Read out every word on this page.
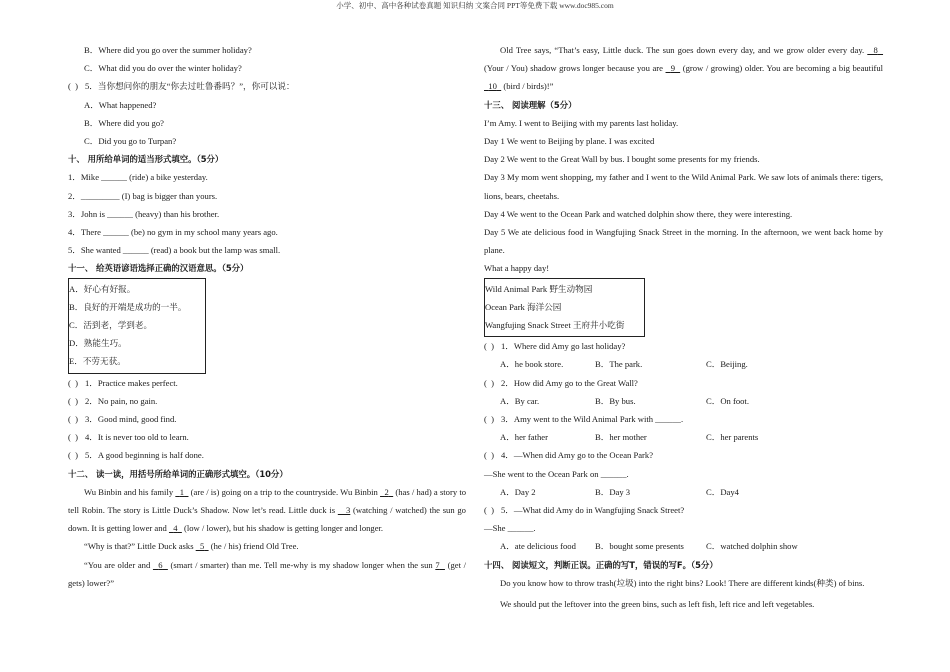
小学、初中、高中各种试卷真题 知识归纳 文案合同 PPT等免费下载 www.doc985.com
B．Where did you go over the summer holiday?
C．What did you do over the winter holiday?
( ) 5．当你想问你的朋友“你去过吐鲁番吗？”，你可以说：
A．What happened?
B．Where did you go?
C．Did you go to Turpan?
十、 用所给单词的适当形式填空。（5分）
1．Mike ______ (ride) a bike yesterday.
2．_________ (I) bag is bigger than yours.
3．John is ______ (heavy) than his brother.
4．There ______ (be) no gym in my school many years ago.
5．She wanted ______ (read) a book but the lamp was small.
十一、 给英语谚语选择正确的汉语意思。（5分）
A．好心有好报。
B．良好的开端是成功的一半。
C．活到老，学到老。
D．熟能生巧。
E．不劳无获。
( ) 1．Practice makes perfect.
( ) 2．No pain, no gain.
( ) 3．Good mind, good find.
( ) 4．It is never too old to learn.
( ) 5．A good beginning is half done.
十二、 读一读，用括号所给单词的正确形式填空。（10分）
Wu Binbin and his family   1   (are / is) going on a trip to the countryside. Wu Binbin   2   (has / had) a story to tell Robin. The story is Little Duck’s Shadow. Now let’s read. Little duck is    3 (watching / watched) the sun go down. It is getting lower and   4   (low / lower), but his shadow is getting longer and longer.
“Why is that?” Little Duck asks   5   (he / his) friend Old Tree.
“You are older and   6   (smart / smarter) than me. Tell me-why is my shadow longer when the sun 7   (get / gets) lower?”
Old Tree says, “That’s easy, Little duck. The sun goes down every day, and we grow older every day.   8   (Your / You) shadow grows longer because you are   9   (grow / growing) older. You are becoming a big beautiful   10   (bird / birds)!”
十三、 阅读理解（5分）
I’m Amy. I went to Beijing with my parents last holiday.
Day 1 We went to Beijing by plane. I was excited
Day 2 We went to the Great Wall by bus. I bought some presents for my friends.
Day 3 My mom went shopping, my father and I went to the Wild Animal Park. We saw lots of animals there: tigers, lions, bears, cheetahs.
Day 4 We went to the Ocean Park and watched dolphin show there, they were interesting.
Day 5 We ate delicious food in Wangfujing Snack Street in the morning. In the afternoon, we went back home by plane.
What a happy day!
Wild Animal Park 野生动物园
Ocean Park 海洋公园
Wangfujing Snack Street 王府井小吃街
( ) 1．Where did Amy go last holiday?
A．he book store.	B．The park.	C．Beijing.
( ) 2．How did Amy go to the Great Wall?
A．By car.	B．By bus.	C．On foot.
( ) 3．Amy went to the Wild Animal Park with ______.
A．her father	B．her mother	C．her parents
( ) 4．—When did Amy go to the Ocean Park?
—She went to the Ocean Park on ______.
A．Day 2	B．Day 3	C．Day4
( ) 5．—What did Amy do in Wangfujing Snack Street?
—She ______.
A．ate delicious food B．bought some presents	C．watched dolphin show
十四、 阅读短文，判断正误。正确的写T，错误的写F。（5分）
Do you know how to throw trash(垃圾) into the right bins? Look! There are different kinds(种类) of bins.
We should put the leftover into the green bins, such as left fish, left rice and left vegetables.
